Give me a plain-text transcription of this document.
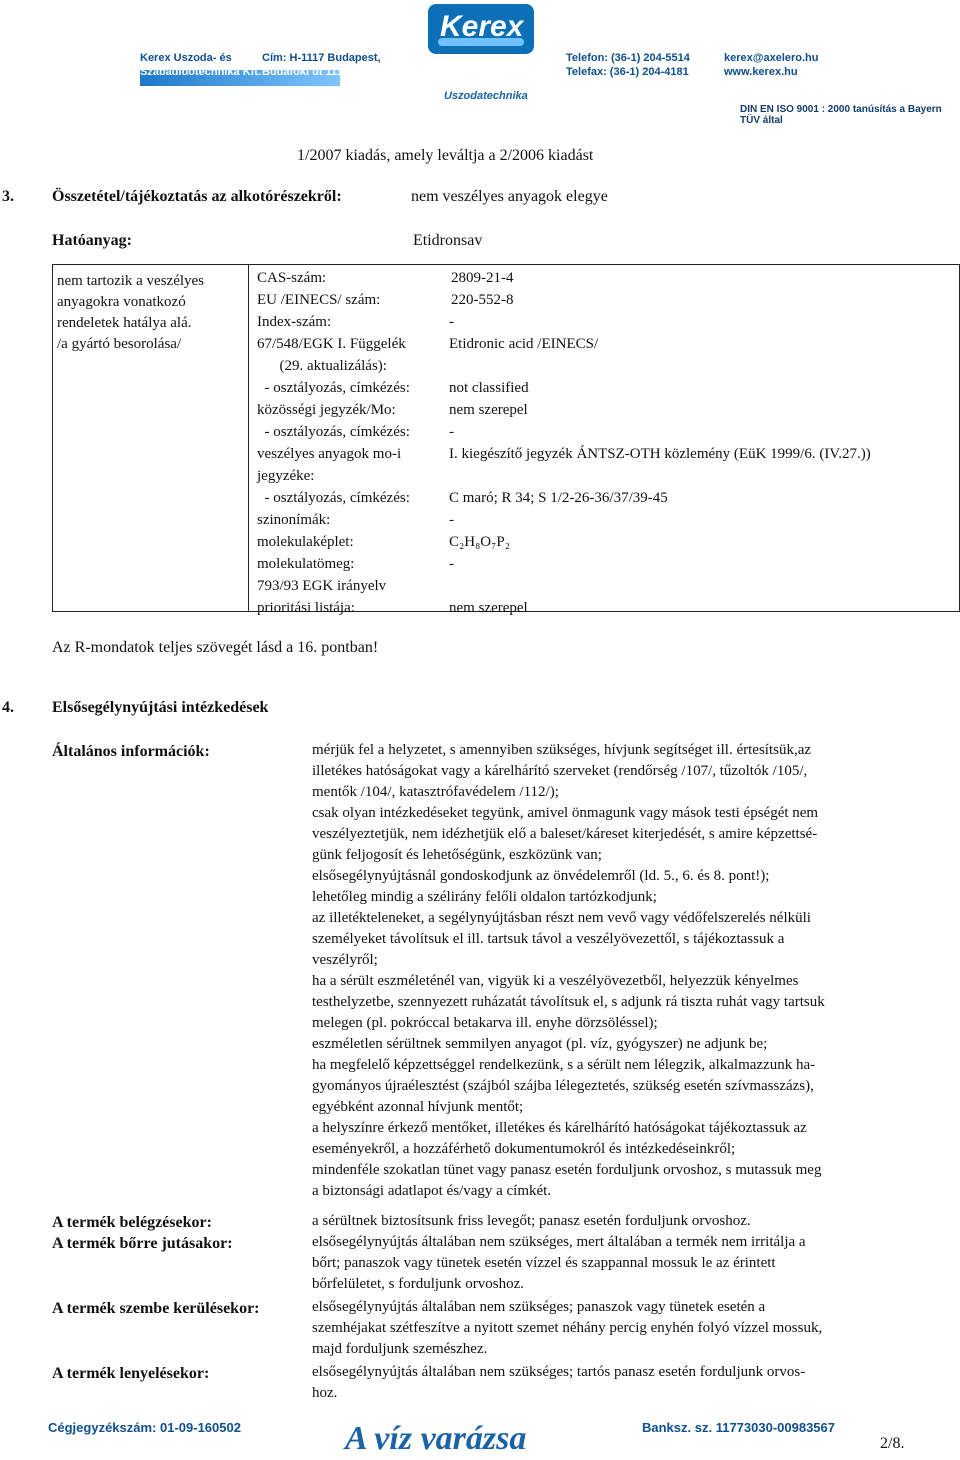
Kerex
Kerex Uszoda- és
Szabadidőtechnika Kft.
Cím: H-1117 Budapest,
Budafoki út 111-113.
Telefon: (36-1) 204-5514
Telefax: (36-1) 204-4181
kerex@axelero.hu
www.kerex.hu
Uszodatechnika
DIN EN ISO 9001 : 2000 tanúsítás a Bayern TÜV által
1/2007 kiadás, amely leváltja a 2/2006 kiadást
3. Összetétel/tájékoztatás az alkotórészekről:	nem veszélyes anyagok elegye
Hatóanyag:	Etidronsav
nem tartozik a veszélyes
anyagokra vonatkozó
rendeletek hatálya alá.
/a gyártó besorolása/
CAS-szám:	2809-21-4
EU /EINECS/ szám:	220-552-8
Index-szám:	-
67/548/EGK I. Függelék	Etidronic acid /EINECS/
(29. aktualizálás):
- osztályozás, címkézés:	not classified
közösségi jegyzék/Mo:	nem szerepel
- osztályozás, címkézés:	-
veszélyes anyagok mo-i	I. kiegészítő jegyzék ÁNTSZ-OTH közlemény (EüK 1999/6. (IV.27.))
jegyzéke:
- osztályozás, címkézés:	C maró; R 34; S 1/2-26-36/37/39-45
szinonímák:	-
molekulaképlet:	C₂H₈O₇P₂
molekulatömeg:	-
793/93 EGK irányelv
prioritási listája:	nem szerepel
Az R-mondatok teljes szövegét lásd a 16. pontban!
4. Elsősegélynyújtási intézkedések
Általános információk:	mérjük fel a helyzetet, s amennyiben szükséges, hívjunk segítséget ill. értesítsük,az
illetékes hatóságokat vagy a kárelhárító szerveket (rendőrség /107/, tűzoltók /105/,
mentők /104/, katasztrófavédelem /112/);
csak olyan intézkedéseket tegyünk, amivel önmagunk vagy mások testi épségét nem
veszélyeztetjük, nem idézhetjük elő a baleset/káreset kiterjedését, s amire képzettsé-
günk feljogosít és lehetőségünk, eszközünk van;
elsősegélynyújtásnál gondoskodjunk az önvédelemről (ld. 5., 6. és 8. pont!);
lehetőleg mindig a szélirány felőli oldalon tartózkodjunk;
az illetékteleneket, a segélynyújtásban részt nem vevő vagy védőfelszerelés nélküli
személyeket távolítsuk el ill. tartsuk távol a veszélyövezettől, s tájékoztassuk a
veszélyről;
ha a sérült eszméleténél van, vigyük ki a veszélyövezetből, helyezzük kényelmes
testhelyzetbe, szennyezett ruházatát távolítsuk el, s adjunk rá tiszta ruhát vagy tartsuk
melegen (pl. pokróccal betakarva ill. enyhe dörzsöléssel);
eszméletlen sérültnek semmilyen anyagot (pl. víz, gyógyszer) ne adjunk be;
ha megfelelő képzettséggel rendelkezünk, s a sérült nem lélegzik, alkalmazzunk ha-
gyományos újraélesztést (szájból szájba lélegeztetés, szükség esetén szívmasszázs),
egyébként azonnal hívjunk mentőt;
a helyszínre érkező mentőket, illetékes és kárelhárító hatóságokat tájékoztassuk az
eseményekről, a hozzáférhető dokumentumokról és intézkedéseinkről;
mindenféle szokatlan tünet vagy panasz esetén forduljunk orvoshoz, s mutassuk meg
a biztonsági adatlapot és/vagy a címkét.
A termék belégzésekor:	a sérültnek biztosítsunk friss levegőt; panasz esetén forduljunk orvoshoz.
A termék bőrre jutásakor:	elsősegélynyújtás általában nem szükséges, mert általában a termék nem irritálja a
bőrt; panaszok vagy tünetek esetén vízzel és szappannal mossuk le az érintett
bőrfelületet, s forduljunk orvoshoz.
A termék szembe kerülésekor:	elsősegélynyújtás általában nem szükséges; panaszok vagy tünetek esetén a
szemhéjakat szétfeszítve a nyitott szemet néhány percig enyhén folyó vízzel mossuk,
majd forduljunk szemészhez.
A termék lenyelésekor:	elsősegélynyújtás általában nem szükséges; tartós panasz esetén forduljunk orvos-
hoz.
Cégjegyzékszám: 01-09-160502	A víz varázsa	Banksz. sz. 11773030-00983567
2/8.
